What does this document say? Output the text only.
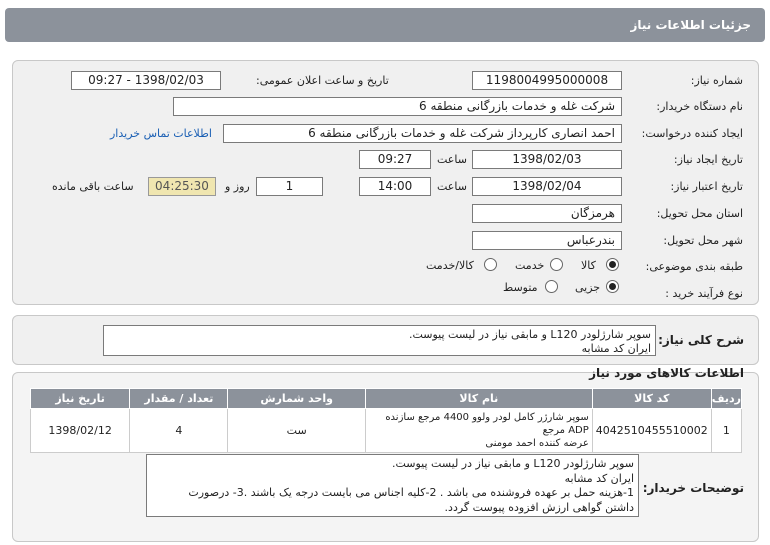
جزئیات اطلاعات نیاز
شماره نیاز:
1198004995000008
تاریخ و ساعت اعلان عمومی:
1398/02/03 - 09:27
نام دستگاه خریدار:
شرکت غله و خدمات بازرگانی منطقه 6
ایجاد کننده درخواست:
احمد انصاری کارپرداز شرکت غله و خدمات بازرگانی منطقه 6
اطلاعات تماس خریدار
تاریخ ایجاد نیاز:
1398/02/03
ساعت
09:27
تاریخ اعتبار نیاز:
1398/02/04
ساعت
14:00
1
روز و
04:25:30
ساعت باقی مانده
استان محل تحویل:
هرمزگان
شهر محل تحویل:
بندرعباس
طبقه بندی موضوعی:
کالا
خدمت
کالا/خدمت
نوع فرآیند خرید :
جزیی
متوسط
شرح کلی نیاز:
سوپر شارژلودر L120 و مابقی نیاز در لیست پیوست.
ایران کد مشابه
اطلاعات کالاهای مورد نیاز
ردیف	کد کالا	نام کالا	واحد شمارش	تعداد / مقدار	تاریخ نیاز
1	4042510455510002	سوپر شارژر کامل لودر ولوو 4400 مرجع سازنده ADP مرجع
عرضه کننده احمد مومنی	ست	4	1398/02/12
توضیحات خریدار:
سوپر شارژلودر L120 و مابقی نیاز در لیست پیوست.
ایران کد مشابه
1-هزینه حمل بر عهده فروشنده می باشد . 2-کلیه اجناس می بایست درجه یک باشند .3- درصورت
داشتن گواهی ارزش افزوده پیوست گردد.
